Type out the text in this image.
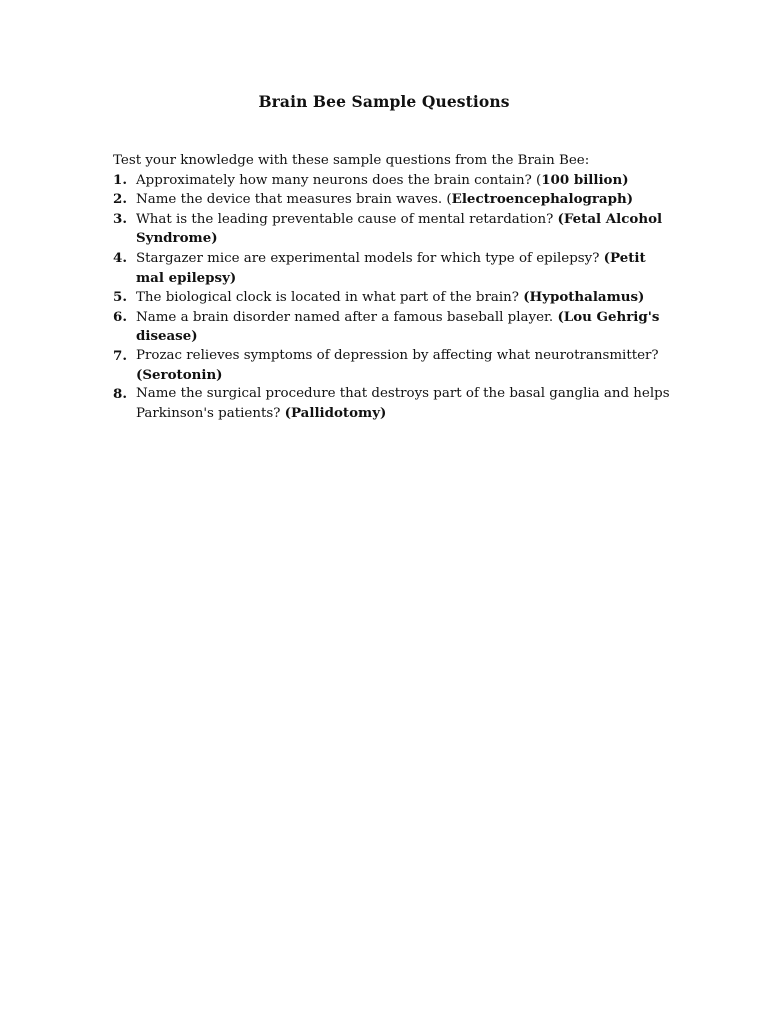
Brain Bee Sample Questions

Test your knowledge with these sample questions from the Brain Bee:

1. Approximately how many neurons does the brain contain? (100 billion)
2. Name the device that measures brain waves. (Electroencephalograph)
3. What is the leading preventable cause of mental retardation? (Fetal Alcohol Syndrome)
4. Stargazer mice are experimental models for which type of epilepsy? (Petit mal epilepsy)
5. The biological clock is located in what part of the brain? (Hypothalamus)
6. Name a brain disorder named after a famous baseball player. (Lou Gehrig's disease)
7. Prozac relieves symptoms of depression by affecting what neurotransmitter? (Serotonin)
8. Name the surgical procedure that destroys part of the basal ganglia and helps Parkinson's patients? (Pallidotomy)
